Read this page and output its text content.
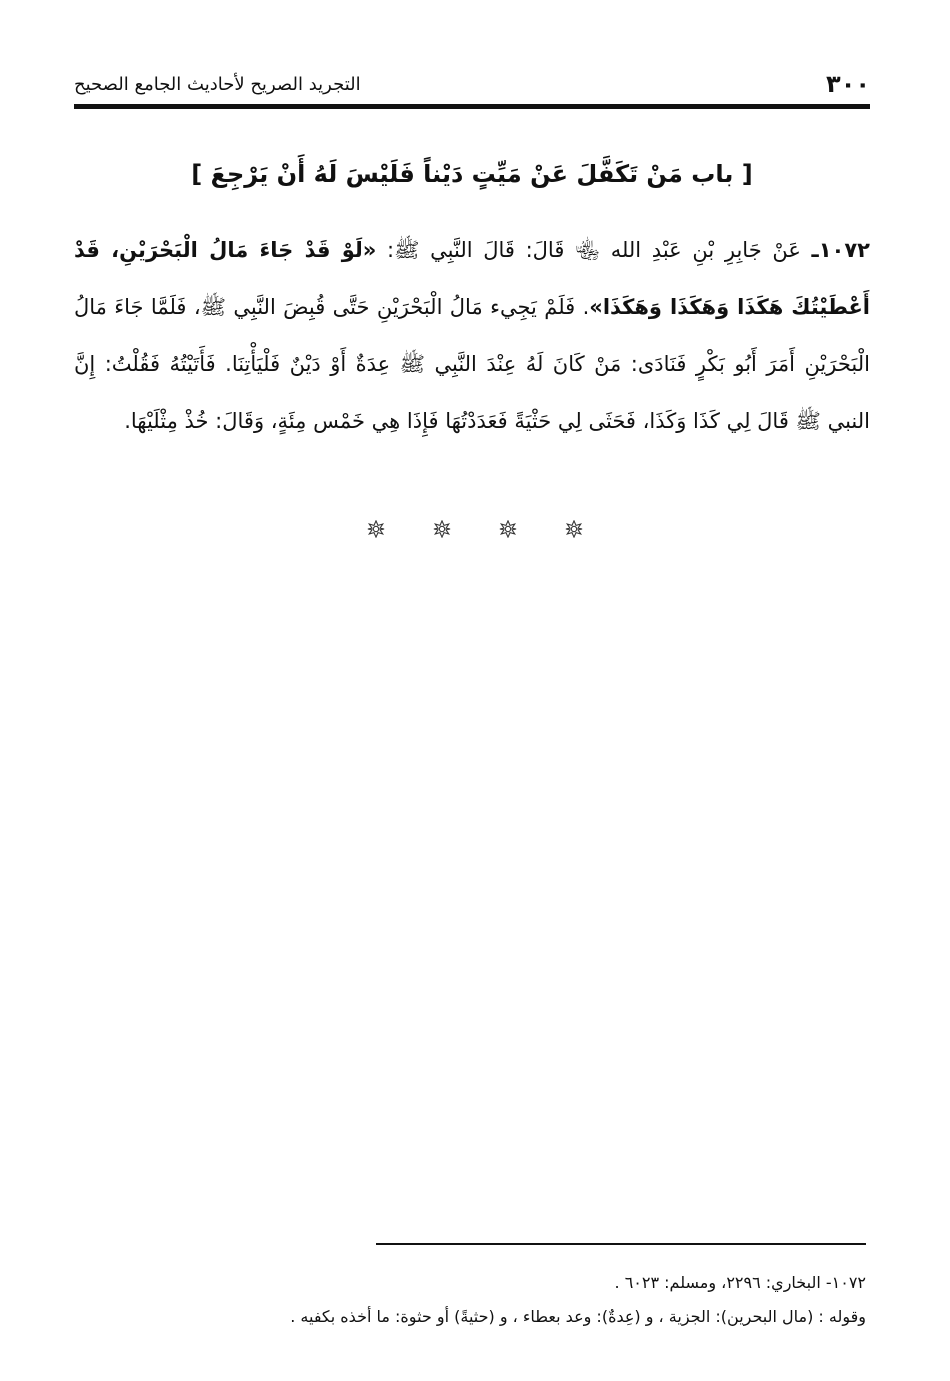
٣٠٠
التجريد الصريح لأحاديث الجامع الصحيح
[ باب مَنْ تَكَفَّلَ عَنْ مَيِّتٍ دَيْناً فَلَيْسَ لَهُ أَنْ يَرْجِعَ ]
١٠٧٢ـ عَنْ جَابِرِ بْنِ عَبْدِ الله ﵄ قَالَ: قَالَ النَّبِي ﷺ: «لَوْ قَدْ جَاءَ مَالُ الْبَحْرَيْنِ، قَدْ أَعْطَيْتُكَ هَكَذَا وَهَكَذَا وَهَكَذَا». فَلَمْ يَجِيء مَالُ الْبَحْرَيْنِ حَتَّى قُبِضَ النَّبِي ﷺ، فَلَمَّا جَاءَ مَالُ الْبَحْرَيْنِ أَمَرَ أَبُو بَكْرٍ فَنَادَى: مَنْ كَانَ لَهُ عِنْدَ النَّبِي ﷺ عِدَةٌ أَوْ دَيْنٌ فَلْيَأْتِنَا. فَأَتَيْتُهُ فَقُلْتُ: إِنَّ النبي ﷺ قَالَ لِي كَذَا وَكَذَا، فَحَثَى لِي حَثْيَةً فَعَدَدْتُهَا فَإِذَا هِي خَمْس مِئَةٍ، وَقَالَ: خُذْ مِثْلَيْهَا.

١٠٧٢- البخاري: ٢٢٩٦، ومسلم: ٦٠٢٣ .

وقوله : (مال البحرين): الجزية ، و (عِدةٌ): وعد بعطاء ، و (حثيةً) أو حثوة: ما أخذه بكفيه .
